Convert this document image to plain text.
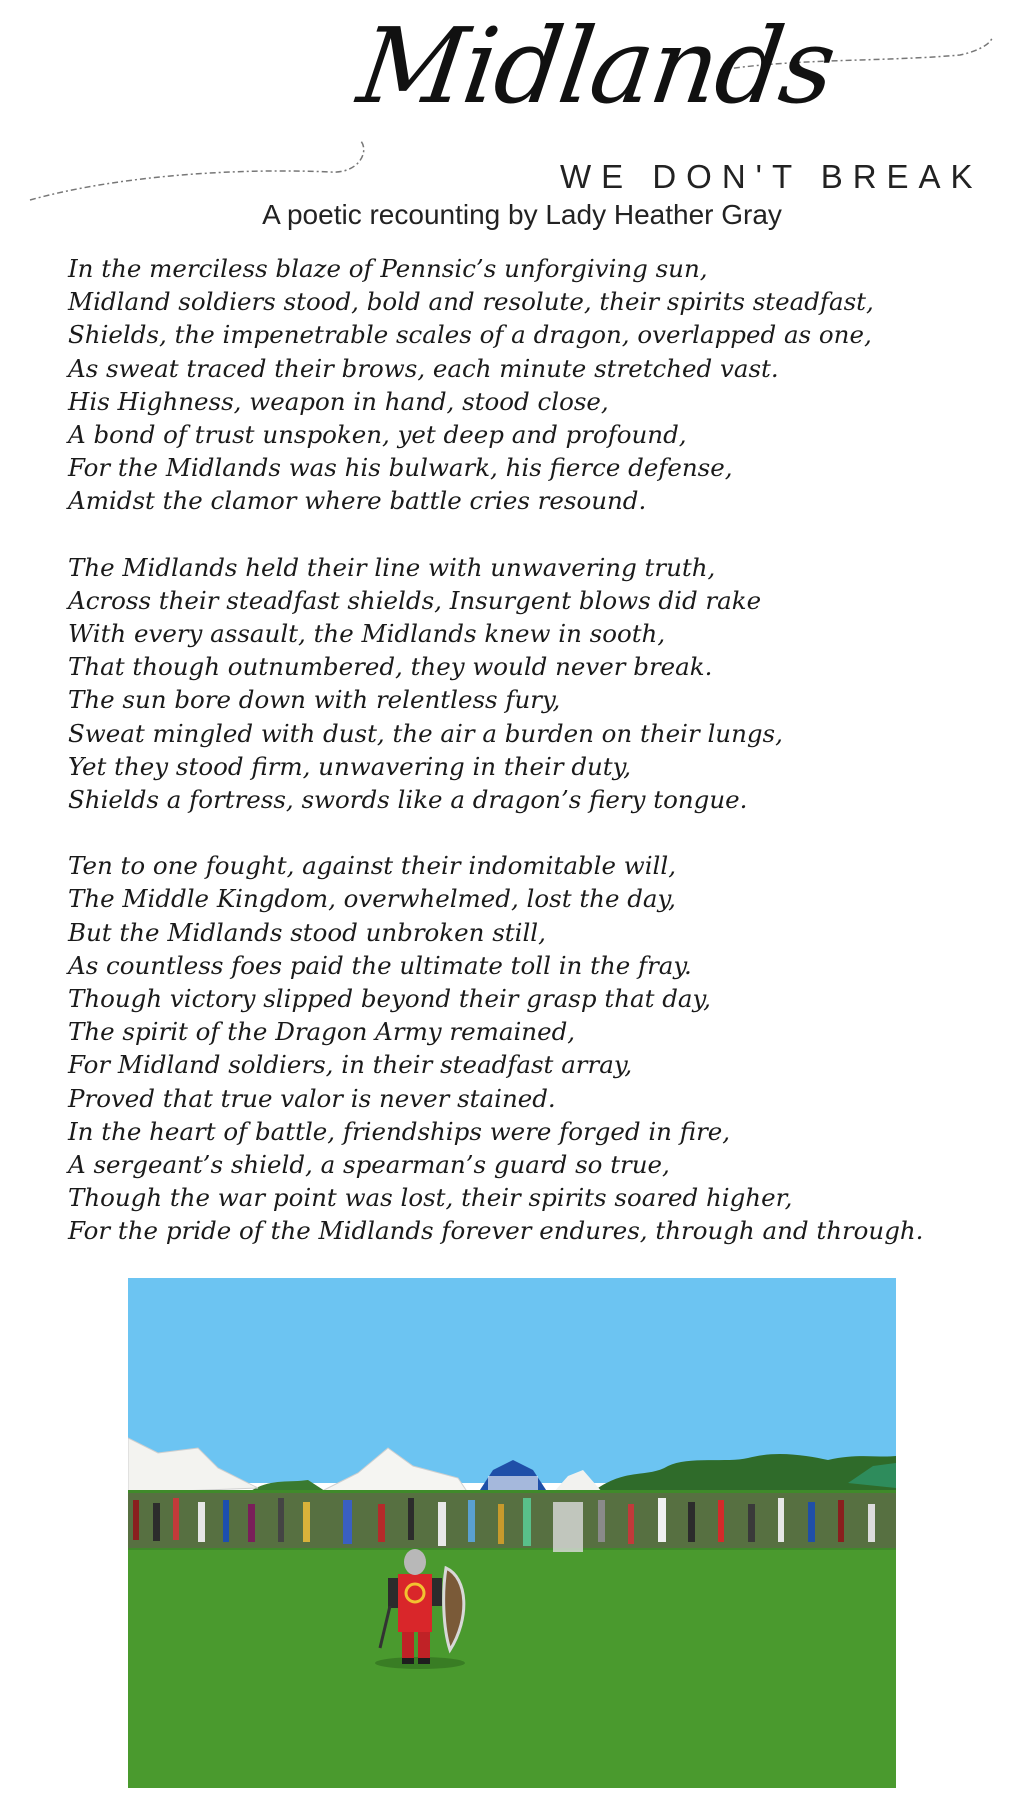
Midlands
WE DON'T BREAK
A poetic recounting by Lady Heather Gray
In the merciless blaze of Pennsic’s unforgiving sun,
Midland soldiers stood, bold and resolute, their spirits steadfast,
Shields, the impenetrable scales of a dragon, overlapped as one,
As sweat traced their brows, each minute stretched vast.
His Highness, weapon in hand, stood close,
A bond of trust unspoken, yet deep and profound,
For the Midlands was his bulwark, his fierce defense,
Amidst the clamor where battle cries resound.
The Midlands held their line with unwavering truth,
Across their steadfast shields, Insurgent blows did rake
With every assault, the Midlands knew in sooth,
That though outnumbered, they would never break.
The sun bore down with relentless fury,
Sweat mingled with dust, the air a burden on their lungs,
Yet they stood firm, unwavering in their duty,
Shields a fortress, swords like a dragon’s fiery tongue.
Ten to one fought, against their indomitable will,
The Middle Kingdom, overwhelmed, lost the day,
But the Midlands stood unbroken still,
As countless foes paid the ultimate toll in the fray.
Though victory slipped beyond their grasp that day,
The spirit of the Dragon Army remained,
For Midland soldiers, in their steadfast array,
Proved that true valor is never stained.
In the heart of battle, friendships were forged in fire,
A sergeant’s shield, a spearman’s guard so true,
Though the war point was lost, their spirits soared higher,
For the pride of the Midlands forever endures, through and through.
